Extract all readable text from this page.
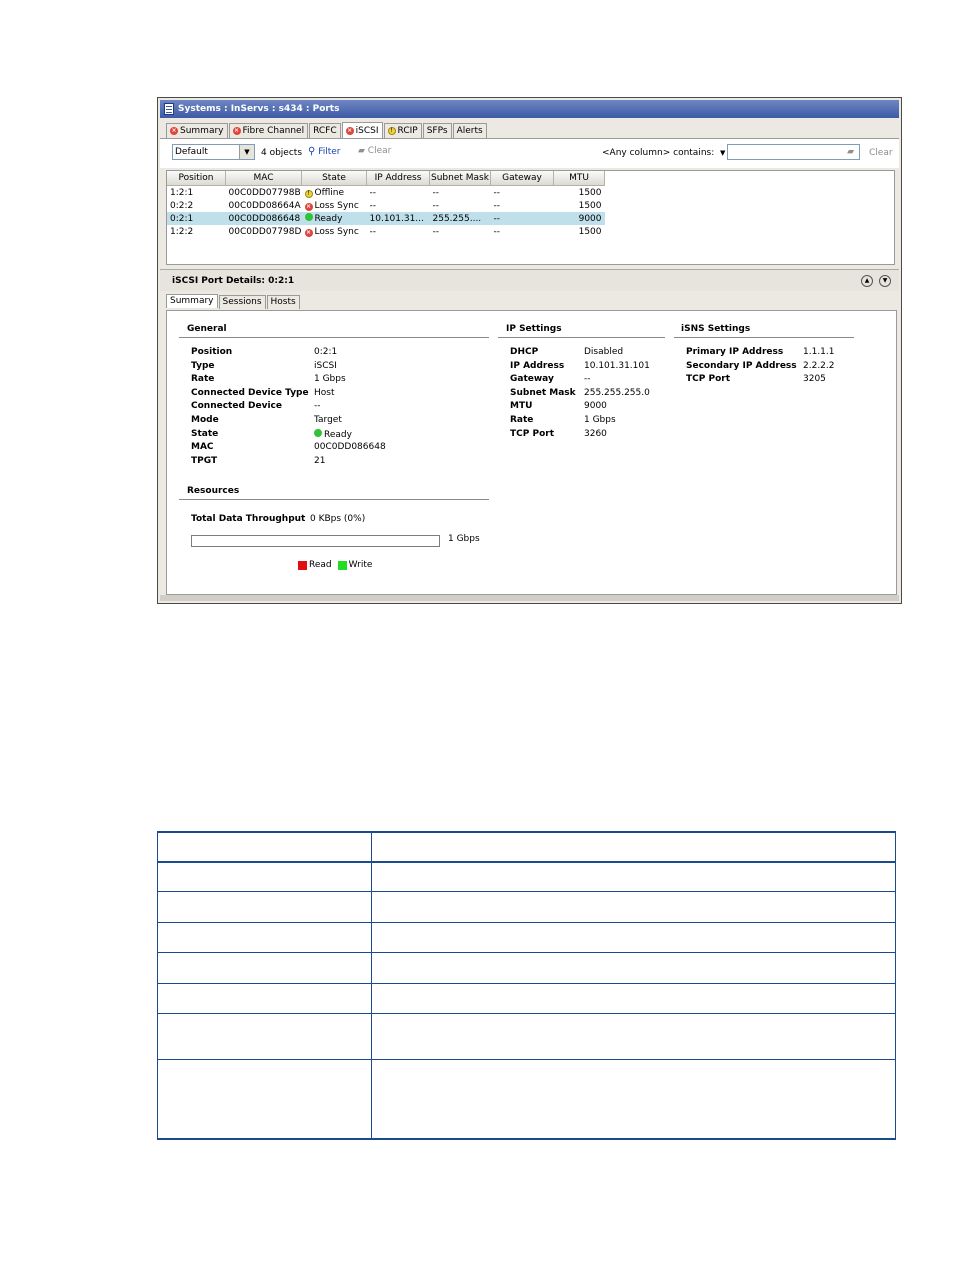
Systems : InServs : s434 : Ports
× Summary × Fibre Channel RCFC × iSCSI	! RCIP SFPs Alerts
Default	▼	4 objects ⚲ Filter ▰ Clear	<Any column> contains: ▼	▰ Clear
Position	MAC	State	IP Address	Subnet Mask	Gateway	MTU
1:2:1	00C0DD07798B	! Offline	--	--	--	1500
0:2:2	00C0DD08664A	× Loss Sync	--	--	--	1500
0:2:1	00C0DD086648	Ready	10.101.31...	255.255....	--	9000
1:2:2	00C0DD07798D	× Loss Sync	--	--	--	1500
iSCSI Port Details: 0:2:1	▲	▼
Summary	Sessions	Hosts
General
Position	0:2:1
Type	iSCSI
Rate	1 Gbps
Connected Device Type Host
Connected Device	--
Mode	Target
State	Ready
MAC	00C0DD086648
TPGT	21
IP Settings
DHCP	Disabled
IP Address	10.101.31.101
Gateway	--
Subnet Mask 255.255.255.0
MTU	9000
Rate	1 Gbps
TCP Port	3260
iSNS Settings
Primary IP Address	1.1.1.1
Secondary IP Address 2.2.2.2
TCP Port	3205
Resources
Total Data Throughput 0 KBps (0%)
1 Gbps
Read Write
